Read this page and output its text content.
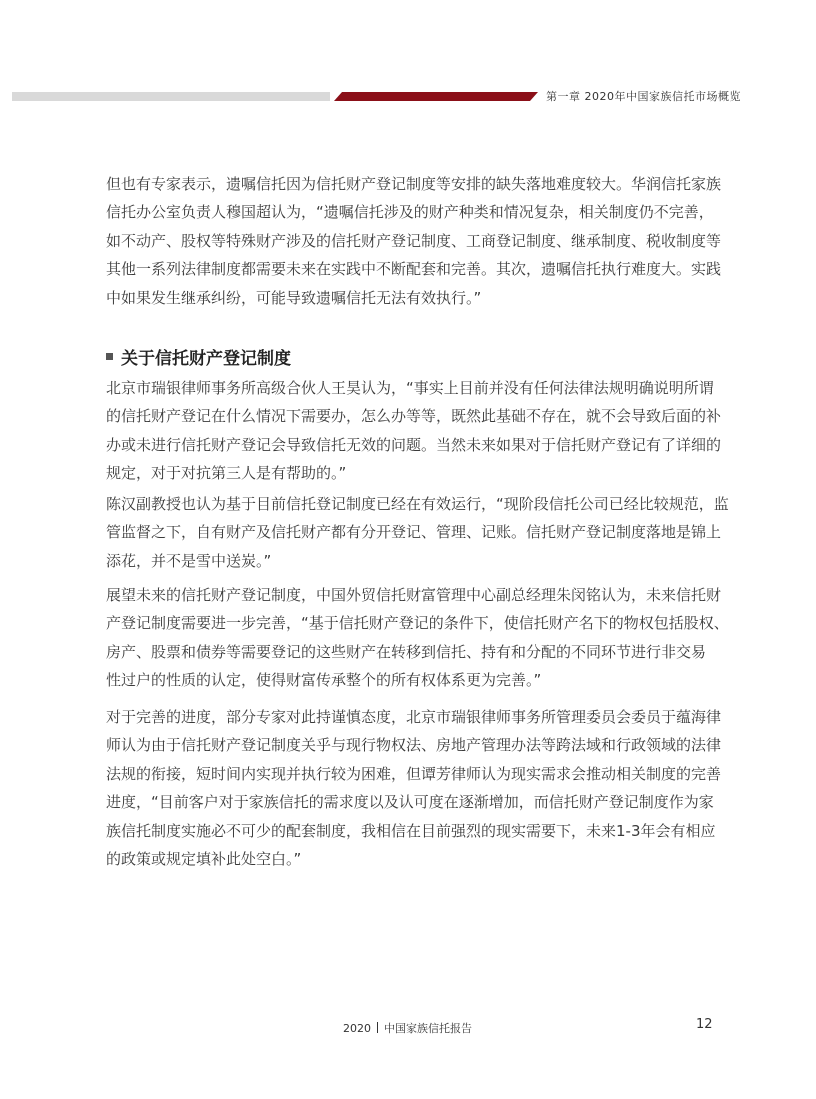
第一章 2020年中国家族信托市场概览
但也有专家表示，遗嘱信托因为信托财产登记制度等安排的缺失落地难度较大。华润信托家族
信托办公室负责人穆国超认为，“遗嘱信托涉及的财产种类和情况复杂，相关制度仍不完善，
如不动产、股权等特殊财产涉及的信托财产登记制度、工商登记制度、继承制度、税收制度等
其他一系列法律制度都需要未来在实践中不断配套和完善。其次，遗嘱信托执行难度大。实践
中如果发生继承纠纷，可能导致遗嘱信托无法有效执行。”
关于信托财产登记制度
北京市瑞银律师事务所高级合伙人王昊认为，“事实上目前并没有任何法律法规明确说明所谓
的信托财产登记在什么情况下需要办，怎么办等等，既然此基础不存在，就不会导致后面的补
办或未进行信托财产登记会导致信托无效的问题。当然未来如果对于信托财产登记有了详细的
规定，对于对抗第三人是有帮助的。”
陈汉副教授也认为基于目前信托登记制度已经在有效运行，“现阶段信托公司已经比较规范，监
管监督之下，自有财产及信托财产都有分开登记、管理、记账。信托财产登记制度落地是锦上
添花，并不是雪中送炭。”
展望未来的信托财产登记制度，中国外贸信托财富管理中心副总经理朱闵铭认为，未来信托财
产登记制度需要进一步完善，“基于信托财产登记的条件下，使信托财产名下的物权包括股权、
房产、股票和债券等需要登记的这些财产在转移到信托、持有和分配的不同环节进行非交易
性过户的性质的认定，使得财富传承整个的所有权体系更为完善。”
对于完善的进度，部分专家对此持谨慎态度，北京市瑞银律师事务所管理委员会委员于蕴海律
师认为由于信托财产登记制度关乎与现行物权法、房地产管理办法等跨法域和行政领域的法律
法规的衔接，短时间内实现并执行较为困难，但谭芳律师认为现实需求会推动相关制度的完善
进度，“目前客户对于家族信托的需求度以及认可度在逐渐增加，而信托财产登记制度作为家
族信托制度实施必不可少的配套制度，我相信在目前强烈的现实需要下，未来1-3年会有相应
的政策或规定填补此处空白。”
2020 中国家族信托报告	12
